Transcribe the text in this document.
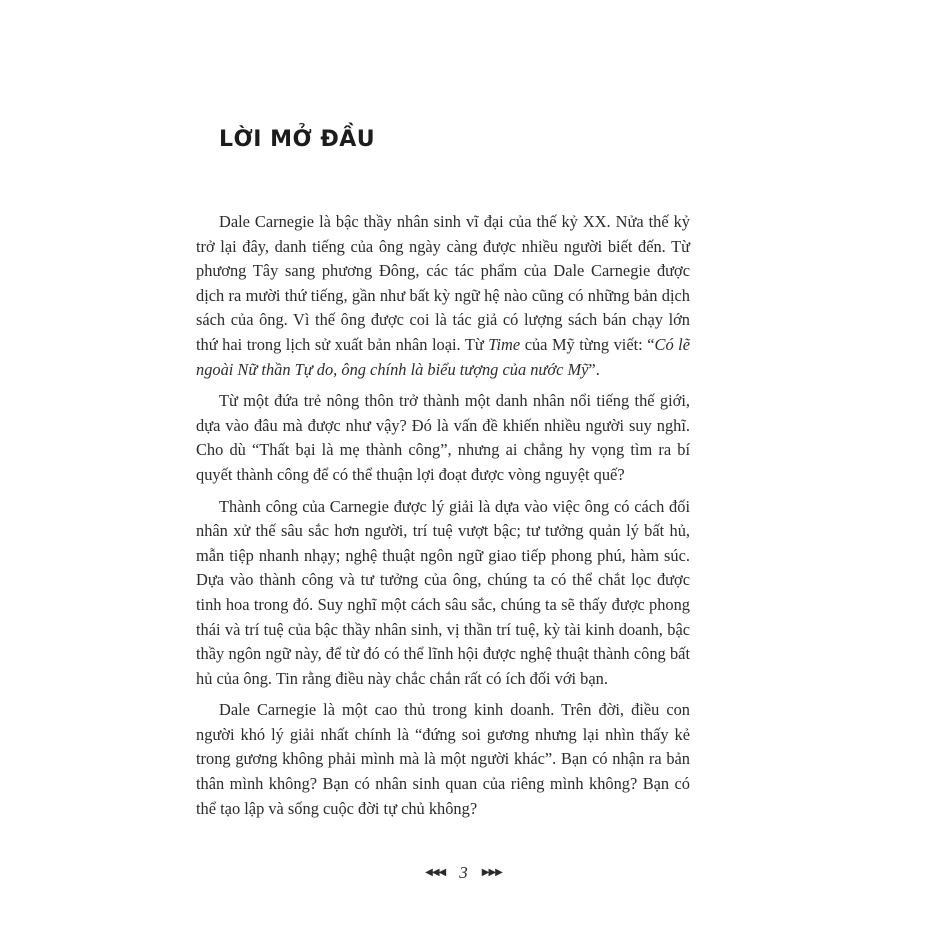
LỜI MỞ ĐẦU

Dale Carnegie là bậc thầy nhân sinh vĩ đại của thế kỷ XX. Nửa thế kỷ trở lại đây, danh tiếng của ông ngày càng được nhiều người biết đến. Từ phương Tây sang phương Đông, các tác phẩm của Dale Carnegie được dịch ra mười thứ tiếng, gần như bất kỳ ngữ hệ nào cũng có những bản dịch sách của ông. Vì thế ông được coi là tác giả có lượng sách bán chạy lớn thứ hai trong lịch sử xuất bản nhân loại. Từ Time của Mỹ từng viết: “Có lẽ ngoài Nữ thần Tự do, ông chính là biểu tượng của nước Mỹ”.

Từ một đứa trẻ nông thôn trở thành một danh nhân nổi tiếng thế giới, dựa vào đâu mà được như vậy? Đó là vấn đề khiến nhiều người suy nghĩ. Cho dù “Thất bại là mẹ thành công”, nhưng ai chẳng hy vọng tìm ra bí quyết thành công để có thể thuận lợi đoạt được vòng nguyệt quế?

Thành công của Carnegie được lý giải là dựa vào việc ông có cách đối nhân xử thế sâu sắc hơn người, trí tuệ vượt bậc; tư tưởng quản lý bất hủ, mẫn tiệp nhanh nhạy; nghệ thuật ngôn ngữ giao tiếp phong phú, hàm súc. Dựa vào thành công và tư tưởng của ông, chúng ta có thể chắt lọc được tinh hoa trong đó. Suy nghĩ một cách sâu sắc, chúng ta sẽ thấy được phong thái và trí tuệ của bậc thầy nhân sinh, vị thần trí tuệ, kỳ tài kinh doanh, bậc thầy ngôn ngữ này, để từ đó có thể lĩnh hội được nghệ thuật thành công bất hủ của ông. Tin rằng điều này chắc chắn rất có ích đối với bạn.

Dale Carnegie là một cao thủ trong kinh doanh. Trên đời, điều con người khó lý giải nhất chính là “đứng soi gương nhưng lại nhìn thấy kẻ trong gương không phải mình mà là một người khác”. Bạn có nhận ra bản thân mình không? Bạn có nhân sinh quan của riêng mình không? Bạn có thể tạo lập và sống cuộc đời tự chủ không?

◀◀◀ 3 ▶▶▶
